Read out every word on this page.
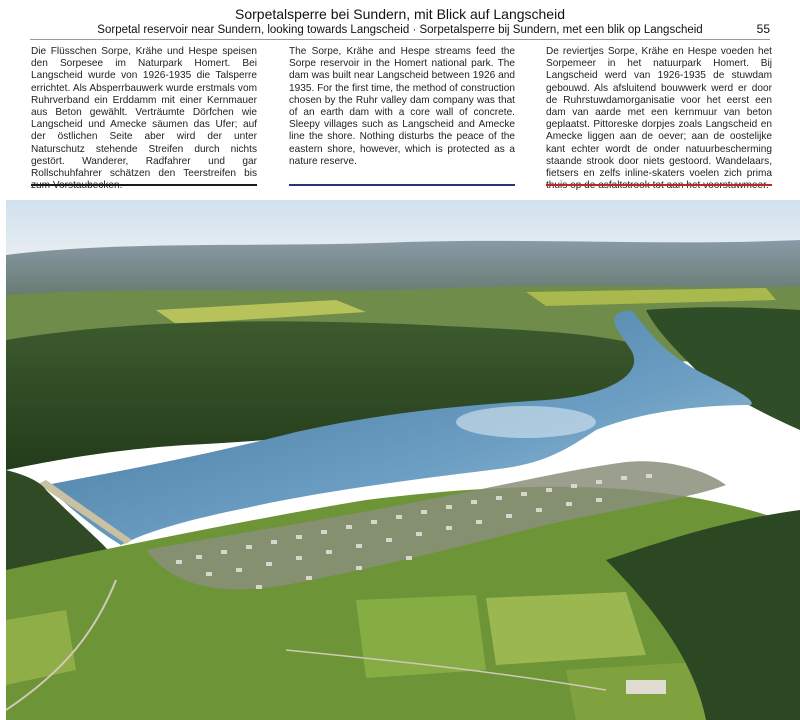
Sorpetalsperre bei Sundern, mit Blick auf Langscheid
Sorpetal reservoir near Sundern, looking towards Langscheid · Sorpetalsperre bij Sundern, met een blik op Langscheid	55

Die Flüsschen Sorpe, Krähe und Hespe speisen den Sorpesee im Naturpark Homert. Bei Langscheid wurde von 1926-1935 die Talsperre errichtet. Als Absperrbauwerk wurde erstmals vom Ruhrverband ein Erddamm mit einer Kernmauer aus Beton gewählt. Verträumte Dörfchen wie Langscheid und Amecke säumen das Ufer; auf der östlichen Seite aber wird der unter Naturschutz stehende Streifen durch nichts gestört. Wanderer, Radfahrer und gar Rollschuhfahrer schätzen den Teerstreifen bis

The Sorpe, Krähe and Hespe streams feed the Sorpe reservoir in the Homert national park. The dam was built near Langscheid between 1926 and 1935. For the first time, the method of construction chosen by the Ruhr valley dam company was that of an earth dam with a core wall of concrete. Sleepy villages such as Langscheid and Amecke line the shore. Nothing disturbs the peace of the eastern shore, however, which is protected as a nature reserve.

De reviertjes Sorpe, Krähe en Hespe voeden het Sorpemeer in het natuurpark Homert. Bij Langscheid werd van 1926-1935 de stuwdam gebouwd. Als afsluitend bouwwerk werd er door de Ruhrstuwdamorganisatie voor het eerst een dam van aarde met een kernmuur van beton geplaatst. Pittoreske dorpjes zoals Langscheid en Amecke liggen aan de oever; aan de oostelijke kant echter wordt de onder natuurbescherming staande strook door niets gestoord. Wandelaars, fietsers en zelfs inline-skaters voelen zich prima
